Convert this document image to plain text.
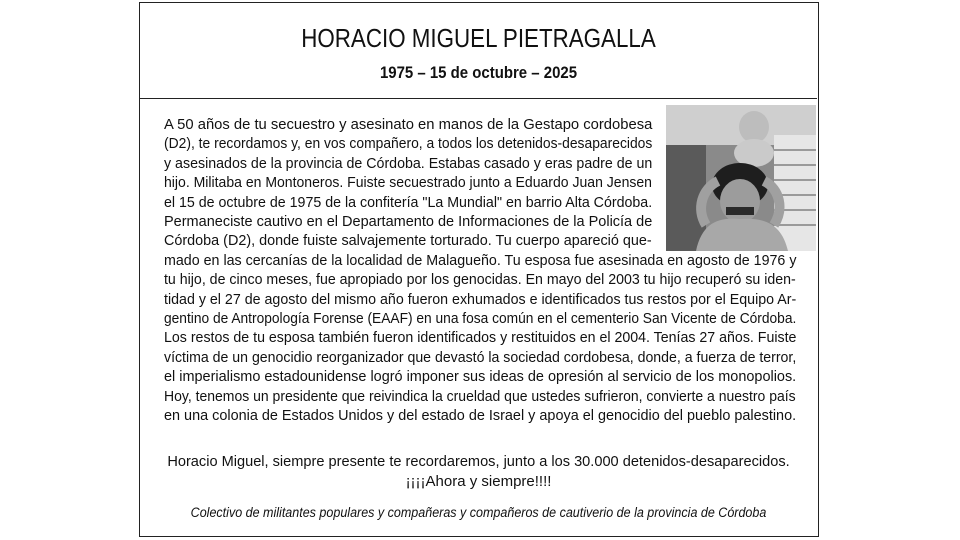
HORACIO MIGUEL PIETRAGALLA
1975 – 15 de octubre – 2025
A 50 años de tu secuestro y asesinato en manos de la Gestapo cordobesa
(D2), te recordamos y, en vos compañero, a todos los detenidos-desaparecidos
y asesinados de la provincia de Córdoba. Estabas casado y eras padre de un
hijo. Militaba en Montoneros. Fuiste secuestrado junto a Eduardo Juan Jensen
el 15 de octubre de 1975 de la confitería "La Mundial" en barrio Alta Córdoba.
Permaneciste cautivo en el Departamento de Informaciones de la Policía de
Córdoba (D2), donde fuiste salvajemente torturado. Tu cuerpo apareció que-
mado en las cercanías de la localidad de Malagueño. Tu esposa fue asesinada en agosto de 1976 y
tu hijo, de cinco meses, fue apropiado por los genocidas. En mayo del 2003 tu hijo recuperó su iden-
tidad y el 27 de agosto del mismo año fueron exhumados e identificados tus restos por el Equipo Ar-
gentino de Antropología Forense (EAAF) en una fosa común en el cementerio San Vicente de Córdoba.
Los restos de tu esposa también fueron identificados y restituidos en el 2004. Tenías 27 años. Fuiste
víctima de un genocidio reorganizador que devastó la sociedad cordobesa, donde, a fuerza de terror,
el imperialismo estadounidense logró imponer sus ideas de opresión al servicio de los monopolios.
Hoy, tenemos un presidente que reivindica la crueldad que ustedes sufrieron, convierte a nuestro país
en una colonia de Estados Unidos y del estado de Israel y apoya el genocidio del pueblo palestino.
Horacio Miguel, siempre presente te recordaremos, junto a los 30.000 detenidos-desaparecidos.
¡¡¡¡Ahora y siempre!!!!
Colectivo de militantes populares y compañeras y compañeros de cautiverio de la provincia de Córdoba
